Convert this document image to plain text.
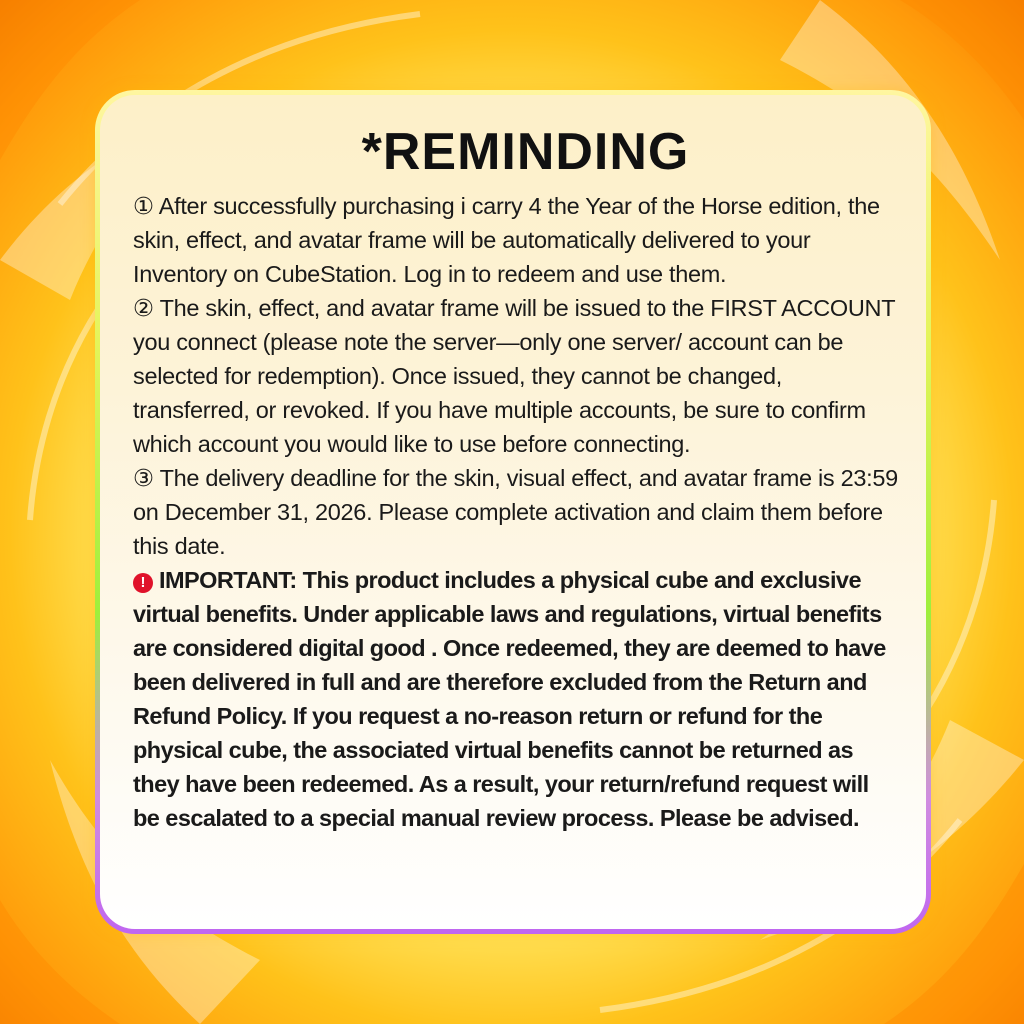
*REMINDING

① After successfully purchasing i carry 4 the Year of the Horse edition, the skin, effect, and avatar frame will be automatically delivered to your Inventory on CubeStation. Log in to redeem and use them.

② The skin, effect, and avatar frame will be issued to the FIRST ACCOUNT you connect (please note the server—only one server/ account can be selected for redemption). Once issued, they cannot be changed, transferred, or revoked. If you have multiple accounts, be sure to confirm which account you would like to use before connecting.

③ The delivery deadline for the skin, visual effect, and avatar frame is 23:59 on December 31, 2026. Please complete activation and claim them before this date.

! IMPORTANT: This product includes a physical cube and exclusive virtual benefits. Under applicable laws and regulations, virtual benefits are considered digital good . Once redeemed, they are deemed to have been delivered in full and are therefore excluded from the Return and Refund Policy. If you request a no-reason return or refund for the physical cube, the associated virtual benefits cannot be returned as they have been redeemed. As a result, your return/refund request will be escalated to a special manual review process. Please be advised.
